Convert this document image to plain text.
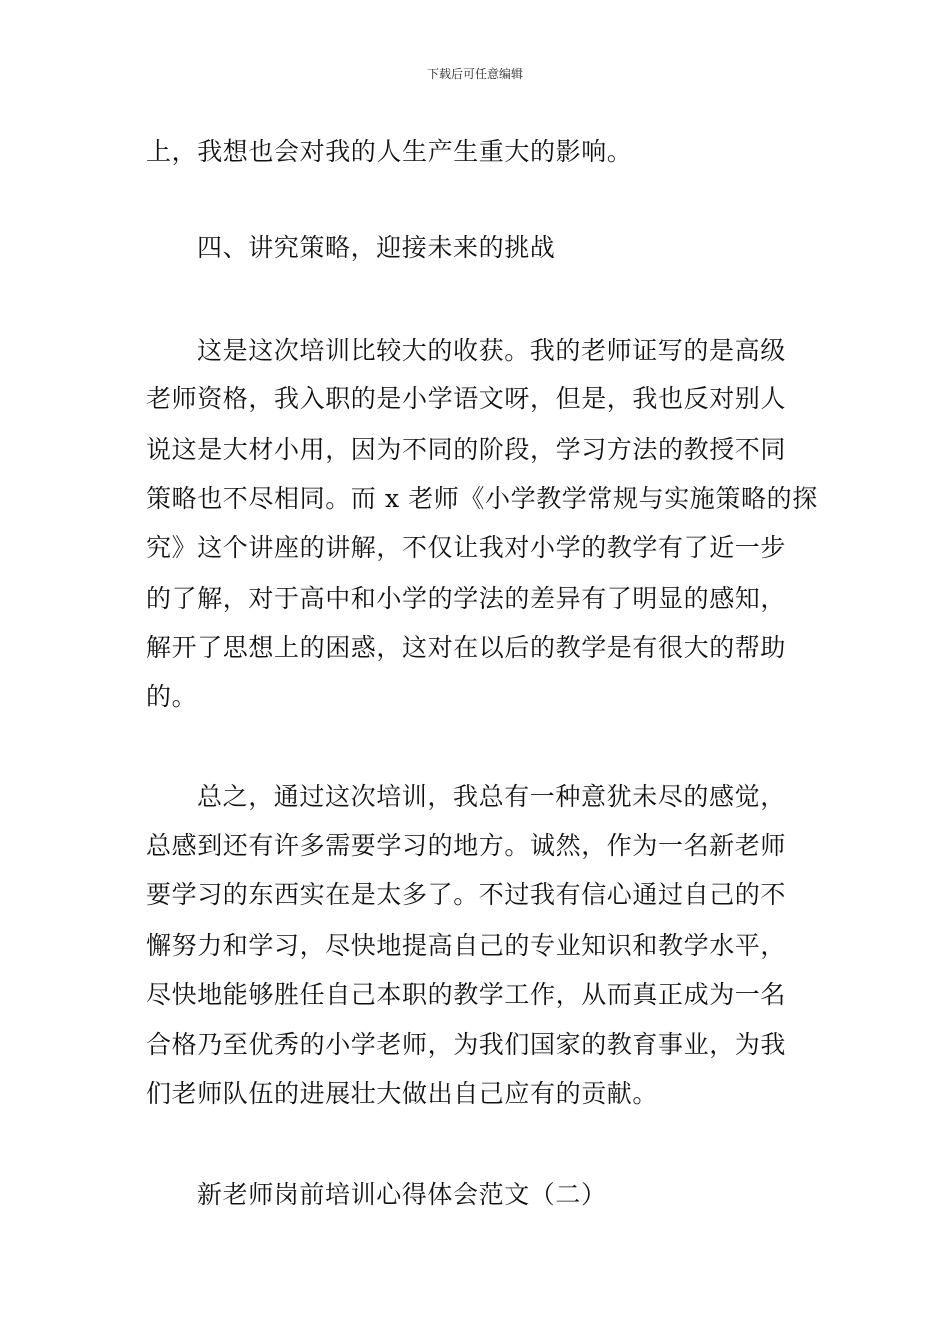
下载后可任意编辑
上，我想也会对我的人生产生重大的影响。
四、讲究策略，迎接未来的挑战
这是这次培训比较大的收获。我的老师证写的是高级
老师资格，我入职的是小学语文呀，但是，我也反对别人
说这是大材小用，因为不同的阶段，学习方法的教授不同
策略也不尽相同。而 x 老师《小学教学常规与实施策略的探
究》这个讲座的讲解，不仅让我对小学的教学有了近一步
的了解，对于高中和小学的学法的差异有了明显的感知，
解开了思想上的困惑，这对在以后的教学是有很大的帮助
的。
总之，通过这次培训，我总有一种意犹未尽的感觉，
总感到还有许多需要学习的地方。诚然，作为一名新老师
要学习的东西实在是太多了。不过我有信心通过自己的不
懈努力和学习，尽快地提高自己的专业知识和教学水平，
尽快地能够胜任自己本职的教学工作，从而真正成为一名
合格乃至优秀的小学老师，为我们国家的教育事业，为我
们老师队伍的进展壮大做出自己应有的贡献。
新老师岗前培训心得体会范文（二）
